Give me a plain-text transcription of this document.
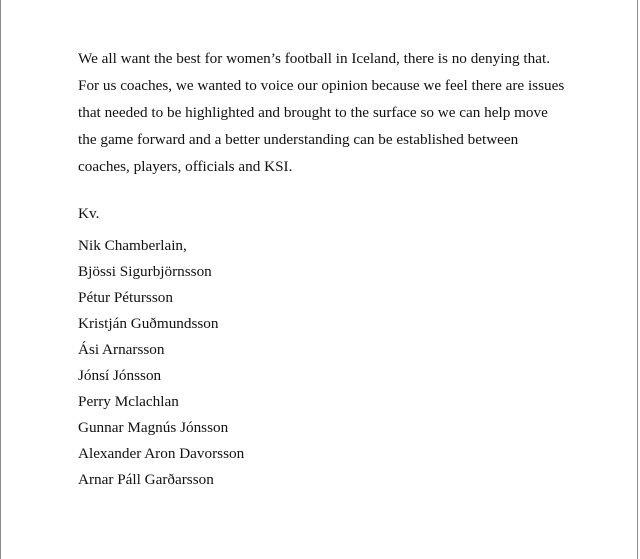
We all want the best for women’s football in Iceland, there is no denying that.
For us coaches, we wanted to voice our opinion because we feel there are issues
that needed to be highlighted and brought to the surface so we can help move
the game forward and a better understanding can be established between
coaches, players, officials and KSI.

Kv.

Nik Chamberlain,
Bjössi Sigurbjörnsson
Pétur Pétursson
Kristján Guðmundsson
Ási Arnarsson
Jónsí Jónsson
Perry Mclachlan
Gunnar Magnús Jónsson
Alexander Aron Davorsson
Arnar Páll Garðarsson
